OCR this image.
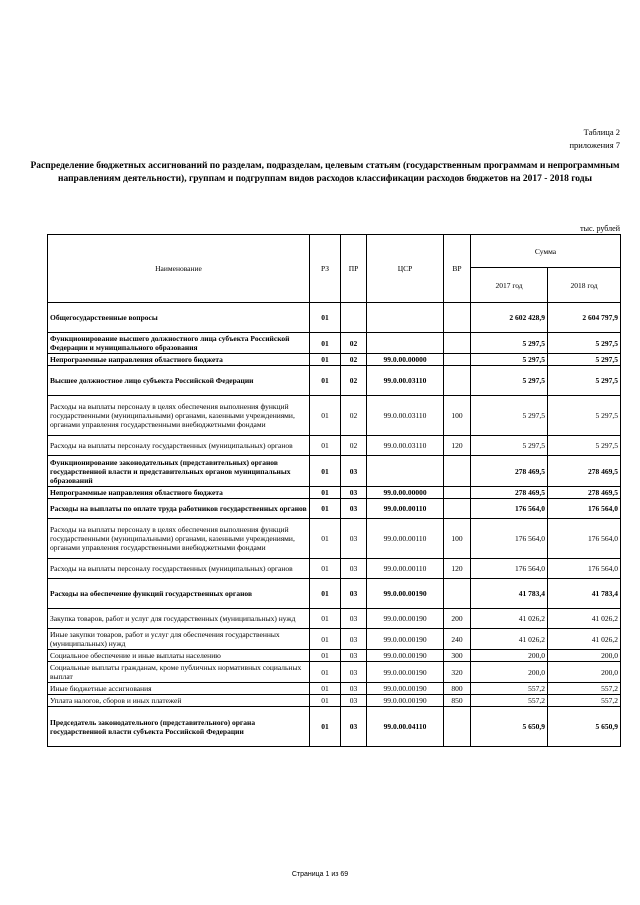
Таблица 2
приложения 7
Распределение бюджетных ассигнований по разделам, подразделам, целевым статьям (государственным программам и непрограммным направлениям деятельности), группам и подгруппам видов расходов классификации расходов бюджетов на 2017 - 2018 годы
тыс. рублей
Наименование	РЗ	ПР	ЦСР	ВР	Сумма	
					2017 год	2018 год
Общегосударственные вопросы	01				2 602 428,9	2 604 797,9
Функционирование высшего должностного лица субъекта Российской Федерации и муниципального образования	01	02			5 297,5	5 297,5
Непрограммные направления областного бюджета	01	02	99.0.00.00000		5 297,5	5 297,5
Высшее должностное лицо субъекта Российской Федерации	01	02	99.0.00.03110		5 297,5	5 297,5
Расходы на выплаты персоналу в целях обеспечения выполнения функций государственными (муниципальными) органами, казенными учреждениями, органами управления государственными внебюджетными фондами	01	02	99.0.00.03110	100	5 297,5	5 297,5
Расходы на выплаты персоналу государственных (муниципальных) органов	01	02	99.0.00.03110	120	5 297,5	5 297,5
Функционирование законодательных (представительных) органов государственной власти и представительных органов муниципальных образований	01	03			278 469,5	278 469,5
Непрограммные направления областного бюджета	01	03	99.0.00.00000		278 469,5	278 469,5
Расходы на выплаты по оплате труда работников государственных органов	01	03	99.0.00.00110		176 564,0	176 564,0
Расходы на выплаты персоналу в целях обеспечения выполнения функций государственными (муниципальными) органами, казенными учреждениями, органами управления государственными внебюджетными фондами	01	03	99.0.00.00110	100	176 564,0	176 564,0
Расходы на выплаты персоналу государственных (муниципальных) органов	01	03	99.0.00.00110	120	176 564,0	176 564,0
Расходы на обеспечение функций государственных органов	01	03	99.0.00.00190		41 783,4	41 783,4
Закупка товаров, работ и услуг для государственных (муниципальных) нужд	01	03	99.0.00.00190	200	41 026,2	41 026,2
Иные закупки товаров, работ и услуг для обеспечения государственных (муниципальных) нужд	01	03	99.0.00.00190	240	41 026,2	41 026,2
Социальное обеспечение и иные выплаты населению	01	03	99.0.00.00190	300	200,0	200,0
Социальные выплаты гражданам, кроме публичных нормативных социальных выплат	01	03	99.0.00.00190	320	200,0	200,0
Иные бюджетные ассигнования	01	03	99.0.00.00190	800	557,2	557,2
Уплата налогов, сборов и иных платежей	01	03	99.0.00.00190	850	557,2	557,2
Председатель законодательного (представительного) органа государственной власти субъекта Российской Федерации	01	03	99.0.00.04110		5 650,9	5 650,9
Страница 1 из 69
